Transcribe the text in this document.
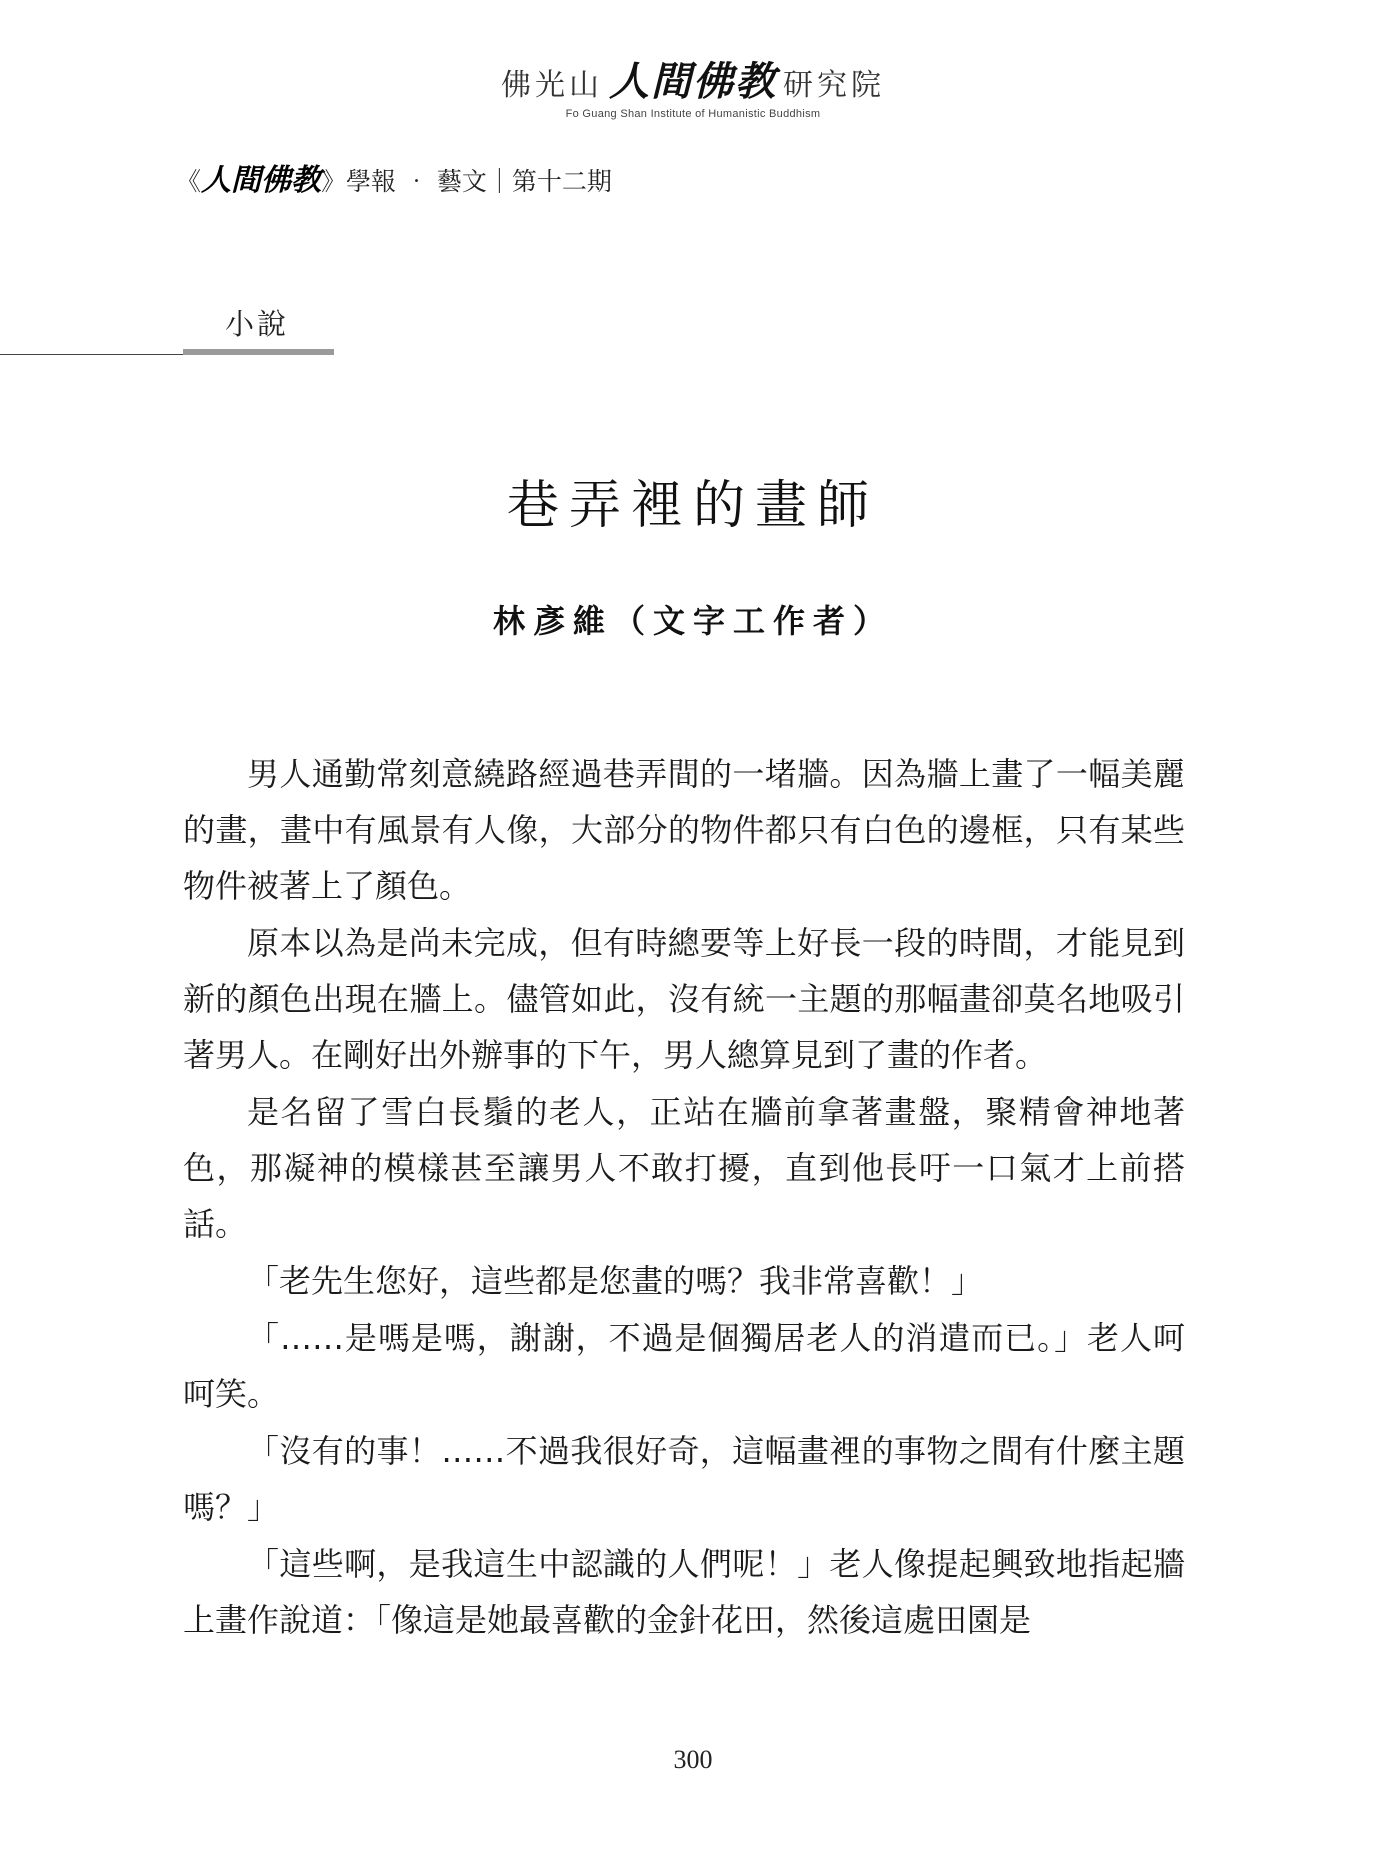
佛光山 人間佛教 研究院
Fo Guang Shan Institute of Humanistic Buddhism
《人間佛教》學報 ‧ 藝文｜第十二期
小說
巷弄裡的畫師
林彥維（文字工作者）

男人通勤常刻意繞路經過巷弄間的一堵牆。因為牆上畫了一幅美麗的畫，畫中有風景有人像，大部分的物件都只有白色的邊框，只有某些物件被著上了顏色。

原本以為是尚未完成，但有時總要等上好長一段的時間，才能見到新的顏色出現在牆上。儘管如此，沒有統一主題的那幅畫卻莫名地吸引著男人。在剛好出外辦事的下午，男人總算見到了畫的作者。

是名留了雪白長鬚的老人，正站在牆前拿著畫盤，聚精會神地著色，那凝神的模樣甚至讓男人不敢打擾，直到他長吁一口氣才上前搭話。

「老先生您好，這些都是您畫的嗎？我非常喜歡！」

「……是嗎是嗎，謝謝，不過是個獨居老人的消遣而已。」老人呵呵笑。

「沒有的事！……不過我很好奇，這幅畫裡的事物之間有什麼主題嗎？」

「這些啊，是我這生中認識的人們呢！」老人像提起興致地指起牆上畫作說道：「像這是她最喜歡的金針花田，然後這處田園是

300
